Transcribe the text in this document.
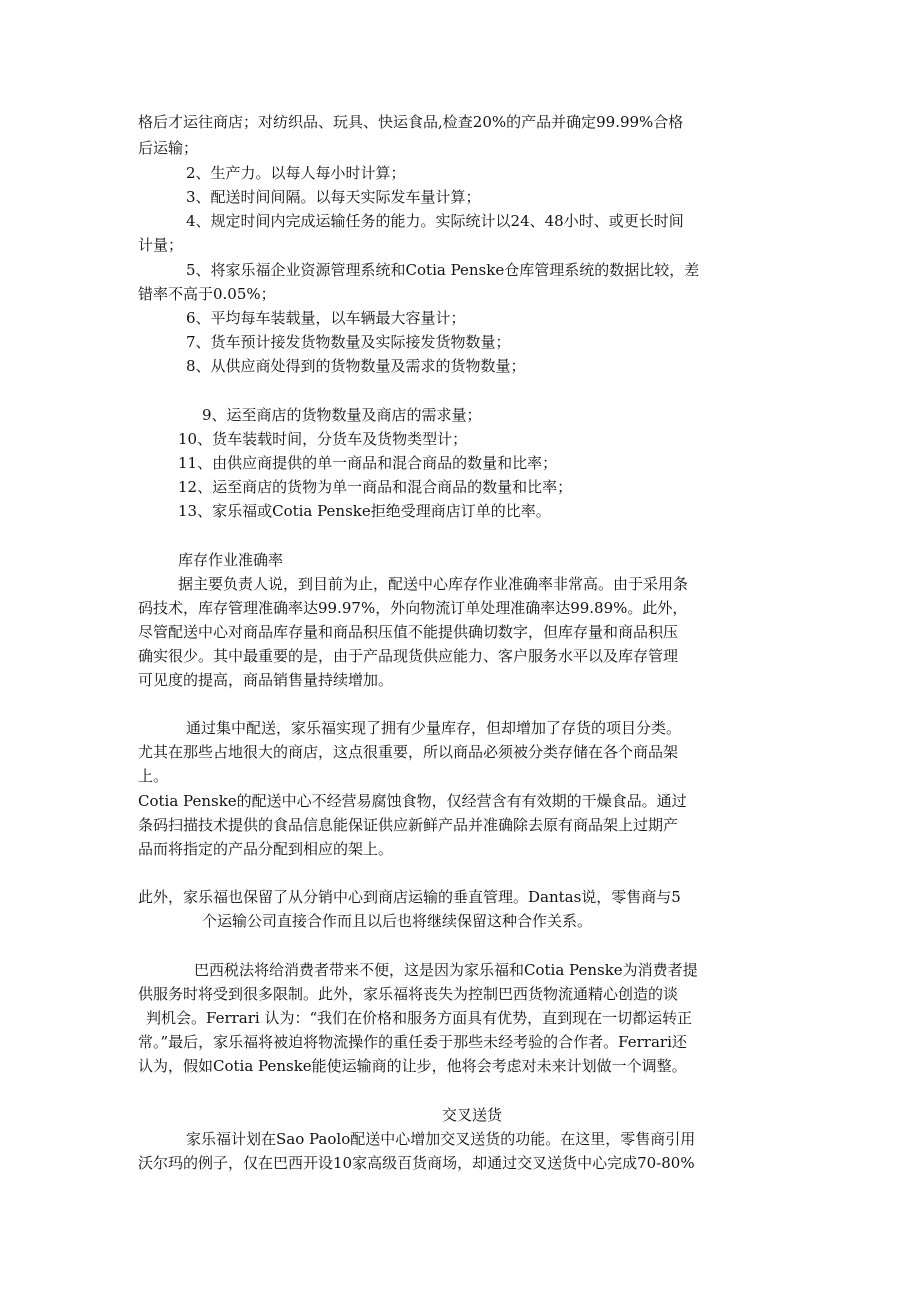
格后才运往商店；对纺织品、玩具、快运食品,检查20%的产品并确定99.99%合格
后运输；
2、生产力。以每人每小时计算；
3、配送时间间隔。以每天实际发车量计算；
4、规定时间内完成运输任务的能力。实际统计以24、48小时、或更长时间
计量；
5、将家乐福企业资源管理系统和Cotia Penske仓库管理系统的数据比较，差
错率不高于0.05%；
6、平均每车装载量，以车辆最大容量计；
7、货车预计接发货物数量及实际接发货物数量；
8、从供应商处得到的货物数量及需求的货物数量；
9、运至商店的货物数量及商店的需求量；
10、货车装载时间，分货车及货物类型计；
11、由供应商提供的单一商品和混合商品的数量和比率；
12、运至商店的货物为单一商品和混合商品的数量和比率；
13、家乐福或Cotia Penske拒绝受理商店订单的比率。
库存作业准确率
据主要负责人说，到目前为止，配送中心库存作业准确率非常高。由于采用条
码技术，库存管理准确率达99.97%，外向物流订单处理准确率达99.89%。此外，
尽管配送中心对商品库存量和商品积压值不能提供确切数字，但库存量和商品积压
确实很少。其中最重要的是，由于产品现货供应能力、客户服务水平以及库存管理
可见度的提高，商品销售量持续增加。
通过集中配送，家乐福实现了拥有少量库存，但却增加了存货的项目分类。
尤其在那些占地很大的商店，这点很重要，所以商品必须被分类存储在各个商品架
上。
Cotia Penske的配送中心不经营易腐蚀食物，仅经营含有有效期的干燥食品。通过
条码扫描技术提供的食品信息能保证供应新鲜产品并准确除去原有商品架上过期产
品而将指定的产品分配到相应的架上。
此外，家乐福也保留了从分销中心到商店运输的垂直管理。Dantas说，零售商与5
个运输公司直接合作而且以后也将继续保留这种合作关系。
巴西税法将给消费者带来不便，这是因为家乐福和Cotia Penske为消费者提
供服务时将受到很多限制。此外，家乐福将丧失为控制巴西货物流通精心创造的谈
判机会。Ferrari 认为：“我们在价格和服务方面具有优势，直到现在一切都运转正
常。”最后，家乐福将被迫将物流操作的重任委于那些未经考验的合作者。Ferrari还
认为，假如Cotia Penske能使运输商的让步，他将会考虑对未来计划做一个调整。
交叉送货
家乐福计划在Sao Paolo配送中心增加交叉送货的功能。在这里，零售商引用
沃尔玛的例子，仅在巴西开设10家高级百货商场，却通过交叉送货中心完成70-80%
